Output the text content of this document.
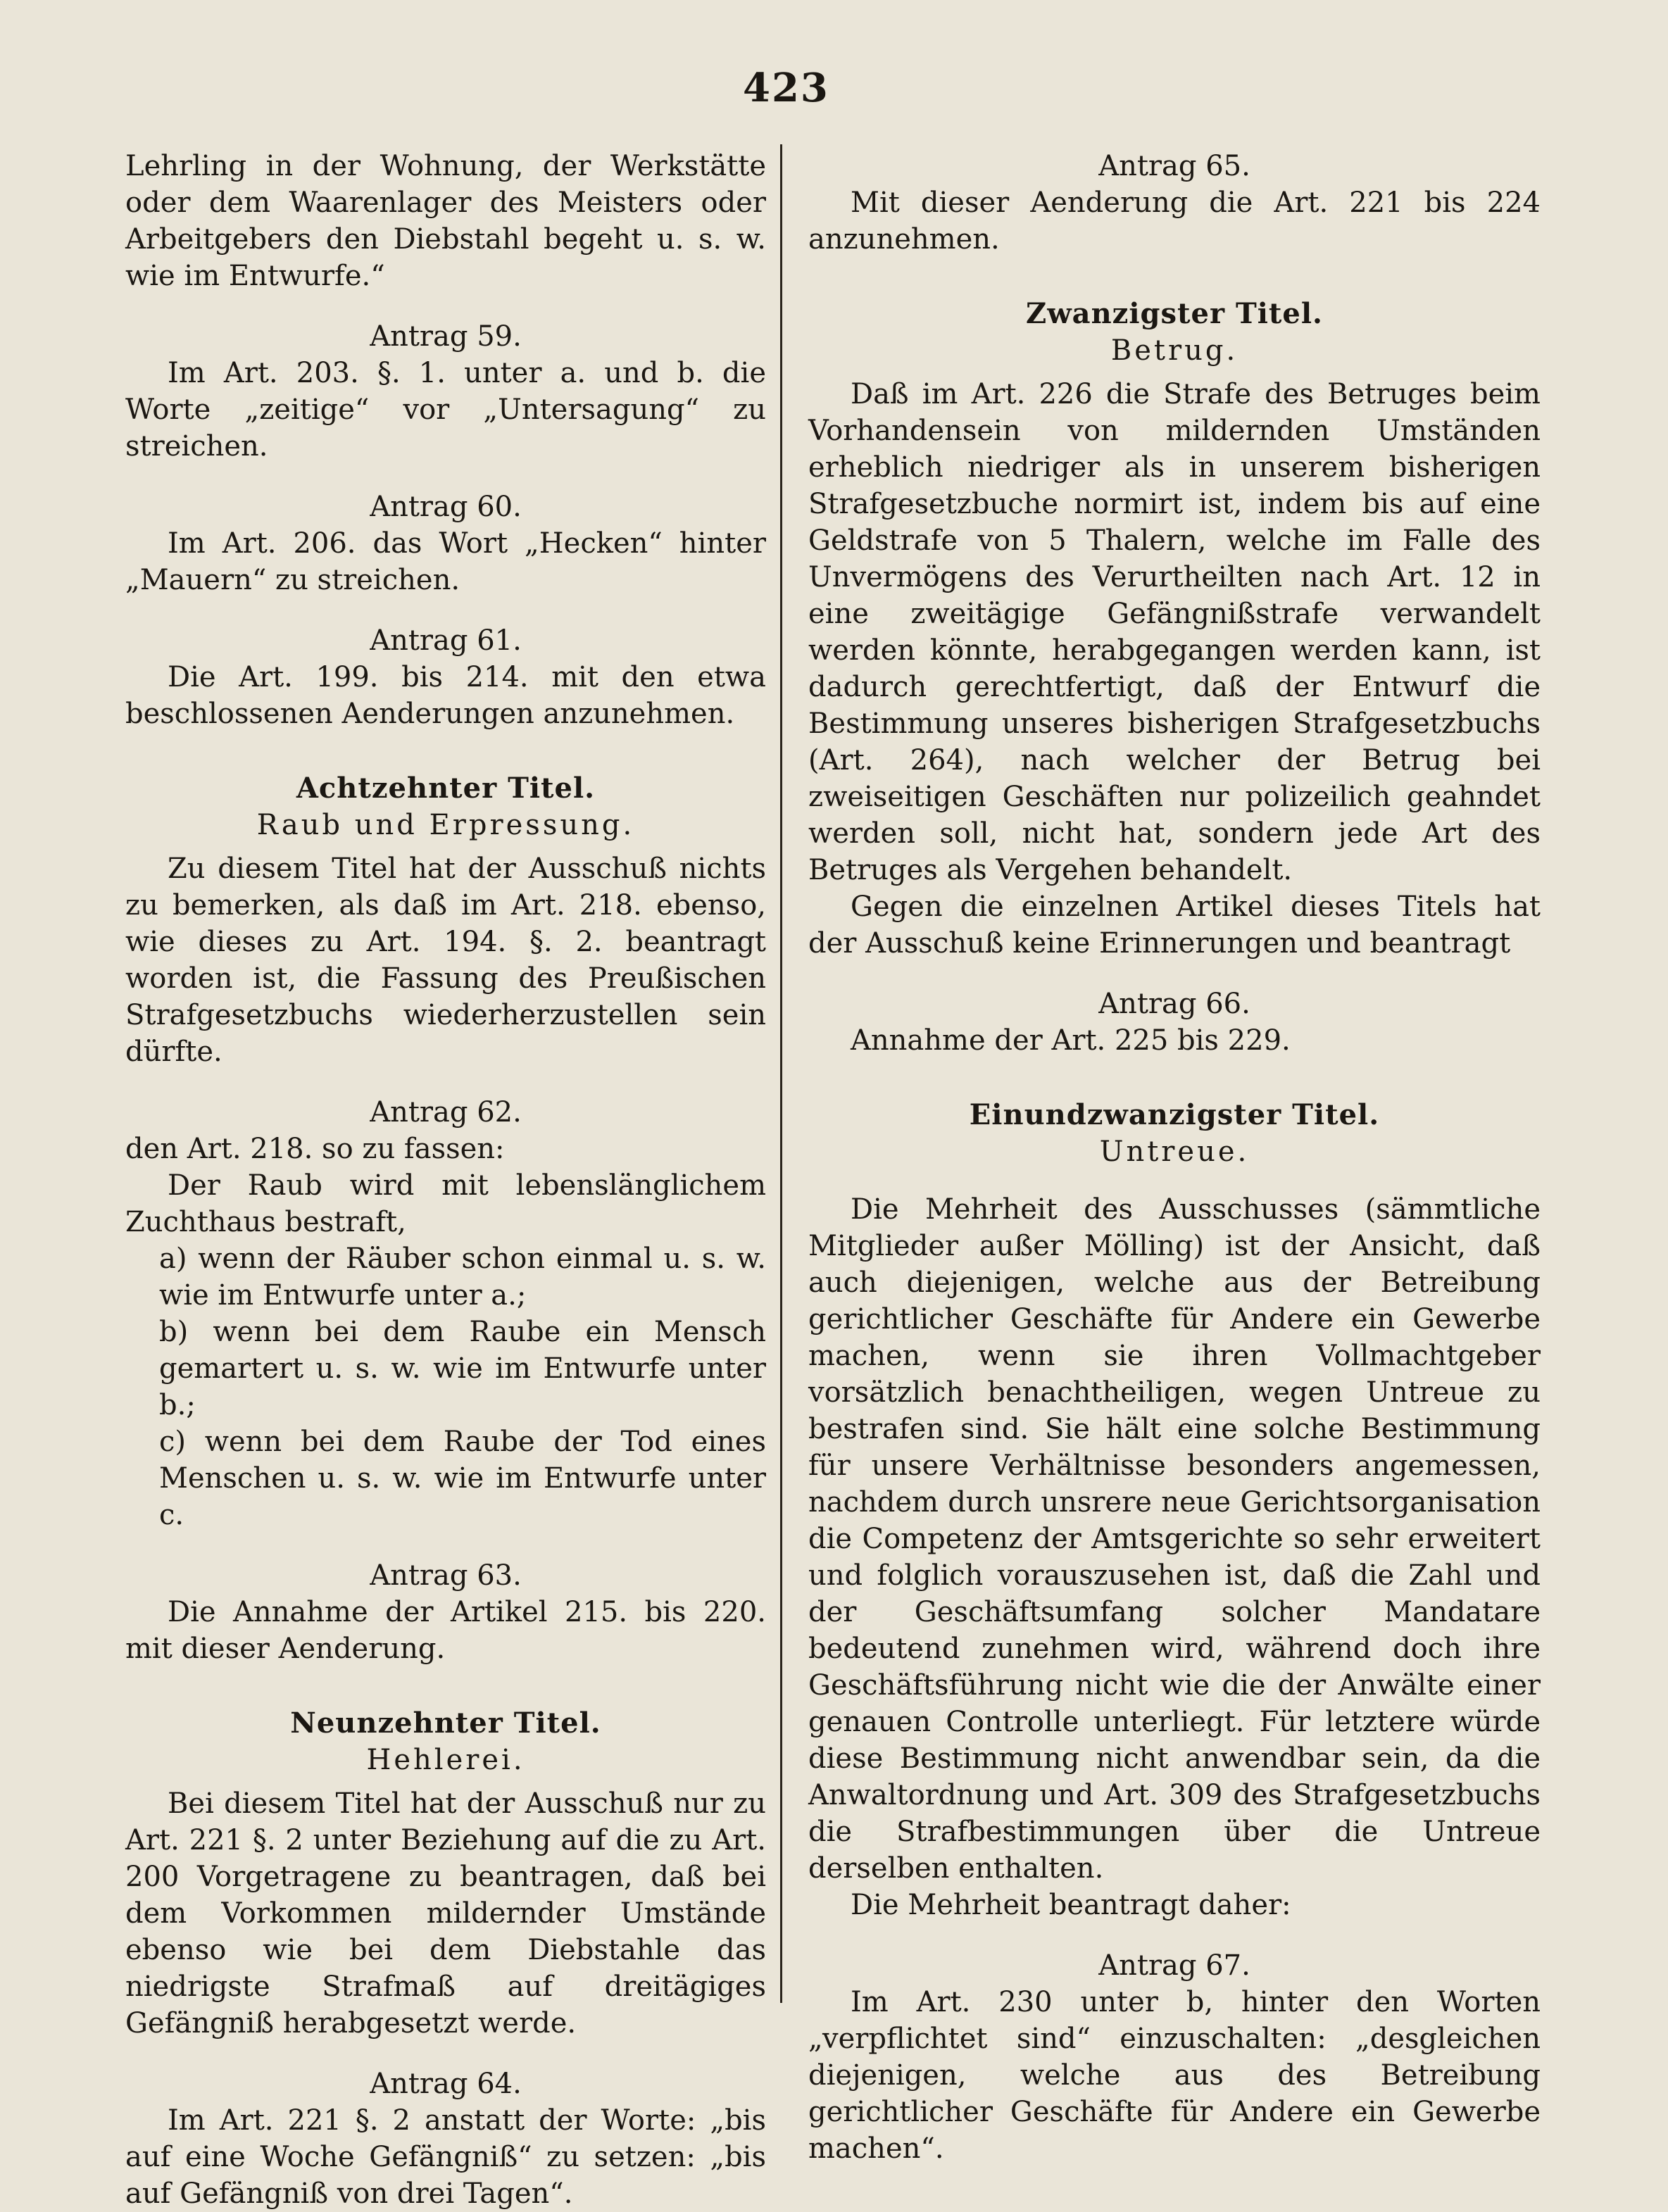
423

Lehrling in der Wohnung, der Werkstätte oder dem Waarenlager des Meisters oder Arbeitgebers den Diebstahl begeht u. s. w. wie im Entwurfe.“

Antrag 59.

Im Art. 203. §. 1. unter a. und b. die Worte „zeitige“ vor „Untersagung“ zu streichen.

Antrag 60.

Im Art. 206. das Wort „Hecken“ hinter „Mauern“ zu streichen.

Antrag 61.

Die Art. 199. bis 214. mit den etwa beschlossenen Aenderungen anzunehmen.

Achtzehnter Titel.

Raub und Erpressung.

Zu diesem Titel hat der Ausschuß nichts zu bemerken, als daß im Art. 218. ebenso, wie dieses zu Art. 194. §. 2. beantragt worden ist, die Fassung des Preußischen Strafgesetzbuchs wiederherzustellen sein dürfte.

Antrag 62.

den Art. 218. so zu fassen:

Der Raub wird mit lebenslänglichem Zuchthaus bestraft,

a) wenn der Räuber schon einmal u. s. w. wie im Entwurfe unter a.;
b) wenn bei dem Raube ein Mensch gemartert u. s. w. wie im Entwurfe unter b.;
c) wenn bei dem Raube der Tod eines Menschen u. s. w. wie im Entwurfe unter c.

Antrag 63.

Die Annahme der Artikel 215. bis 220. mit dieser Aenderung.

Neunzehnter Titel.

Hehlerei.

Bei diesem Titel hat der Ausschuß nur zu Art. 221 §. 2 unter Beziehung auf die zu Art. 200 Vorgetragene zu beantragen, daß bei dem Vorkommen mildernder Umstände ebenso wie bei dem Diebstahle das niedrigste Strafmaß auf dreitägiges Gefängniß herabgesetzt werde.

Antrag 64.

Im Art. 221 §. 2 anstatt der Worte: „bis auf eine Woche Gefängniß“ zu setzen: „bis auf Gefängniß von drei Tagen“.

Antrag 65.

Mit dieser Aenderung die Art. 221 bis 224 anzunehmen.

Zwanzigster Titel.

Betrug.

Daß im Art. 226 die Strafe des Betruges beim Vorhandensein von mildernden Umständen erheblich niedriger als in unserem bisherigen Strafgesetzbuche normirt ist, indem bis auf eine Geldstrafe von 5 Thalern, welche im Falle des Unvermögens des Verurtheilten nach Art. 12 in eine zweitägige Gefängnißstrafe verwandelt werden könnte, herabgegangen werden kann, ist dadurch gerechtfertigt, daß der Entwurf die Bestimmung unseres bisherigen Strafgesetzbuchs (Art. 264), nach welcher der Betrug bei zweiseitigen Geschäften nur polizeilich geahndet werden soll, nicht hat, sondern jede Art des Betruges als Vergehen behandelt.

Gegen die einzelnen Artikel dieses Titels hat der Ausschuß keine Erinnerungen und beantragt

Antrag 66.

Annahme der Art. 225 bis 229.

Einundzwanzigster Titel.

Untreue.

Die Mehrheit des Ausschusses (sämmtliche Mitglieder außer Mölling) ist der Ansicht, daß auch diejenigen, welche aus der Betreibung gerichtlicher Geschäfte für Andere ein Gewerbe machen, wenn sie ihren Vollmachtgeber vorsätzlich benachtheiligen, wegen Untreue zu bestrafen sind. Sie hält eine solche Bestimmung für unsere Verhältnisse besonders angemessen, nachdem durch unsrere neue Gerichtsorganisation die Competenz der Amtsgerichte so sehr erweitert und folglich vorauszusehen ist, daß die Zahl und der Geschäftsumfang solcher Mandatare bedeutend zunehmen wird, während doch ihre Geschäftsführung nicht wie die der Anwälte einer genauen Controlle unterliegt. Für letztere würde diese Bestimmung nicht anwendbar sein, da die Anwaltordnung und Art. 309 des Strafgesetzbuchs die Strafbestimmungen über die Untreue derselben enthalten.

Die Mehrheit beantragt daher:

Antrag 67.

Im Art. 230 unter b, hinter den Worten „verpflichtet sind“ einzuschalten: „desgleichen diejenigen, welche aus des Betreibung gerichtlicher Geschäfte für Andere ein Gewerbe machen“.
